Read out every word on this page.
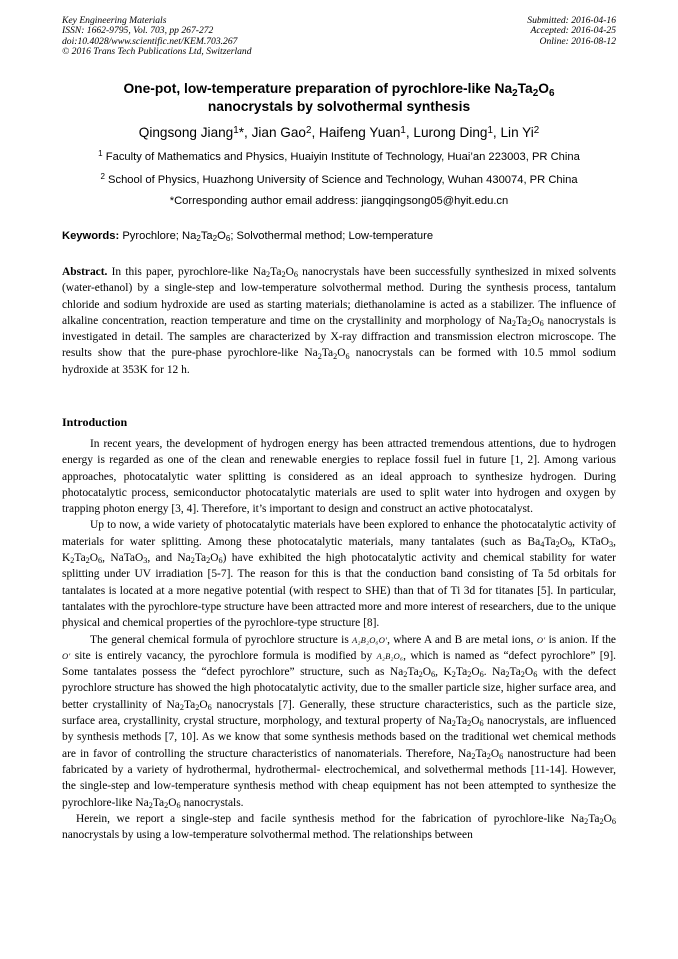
Key Engineering Materials
ISSN: 1662-9795, Vol. 703, pp 267-272
doi:10.4028/www.scientific.net/KEM.703.267
© 2016 Trans Tech Publications Ltd, Switzerland
Submitted: 2016-04-16
Accepted: 2016-04-25
Online: 2016-08-12
One-pot, low-temperature preparation of pyrochlore-like $Na_2Ta_2O_6$
nanocrystals by solvothermal synthesis
Qingsong Jiang$^1$*, Jian Gao$^2$, Haifeng Yuan$^1$, Lurong Ding$^1$, Lin Yi$^2$
$^1$ Faculty of Mathematics and Physics, Huaiyin Institute of Technology, Huai’an 223003, PR China
$^2$ School of Physics, Huazhong University of Science and Technology, Wuhan 430074, PR China
*Corresponding author email address: jiangqingsong05@hyit.edu.cn
Keywords: Pyrochlore; $Na_2Ta_2O_6$; Solvothermal method; Low-temperature
Abstract. In this paper, pyrochlore-like $Na_2Ta_2O_6$ nanocrystals have been successfully synthesized in mixed solvents (water-ethanol) by a single-step and low-temperature solvothermal method. During the synthesis process, tantalum chloride and sodium hydroxide are used as starting materials; diethanolamine is acted as a stabilizer. The influence of alkaline concentration, reaction temperature and time on the crystallinity and morphology of $Na_2Ta_2O_6$ nanocrystals is investigated in detail. The samples are characterized by X-ray diffraction and transmission electron microscope. The results show that the pure-phase pyrochlore-like $Na_2Ta_2O_6$ nanocrystals can be formed with 10.5 mmol sodium hydroxide at 353K for 12 h.
Introduction

In recent years, the development of hydrogen energy has been attracted tremendous attentions, due to hydrogen energy is regarded as one of the clean and renewable energies to replace fossil fuel in future [1, 2]. Among various approaches, photocatalytic water splitting is considered as an ideal approach to synthesize hydrogen. During photocatalytic process, semiconductor photocatalytic materials are used to split water into hydrogen and oxygen by trapping photon energy [3, 4]. Therefore, it’s important to design and construct an active photocatalyst.

Up to now, a wide variety of photocatalytic materials have been explored to enhance the photocatalytic activity of materials for water splitting. Among these photocatalytic materials, many tantalates (such as $Ba_4Ta_2O_9$, KTaO$_3$, $K_2Ta_2O_6$, NaTaO$_3$, and $Na_2Ta_2O_6$) have exhibited the high photocatalytic activity and chemical stability for water splitting under UV irradiation [5-7]. The reason for this is that the conduction band consisting of Ta 5d orbitals for tantalates is located at a more negative potential (with respect to SHE) than that of Ti 3d for titanates [5]. In particular, tantalates with the pyrochlore-type structure have been attracted more and more interest of researchers, due to the unique physical and chemical properties of the pyrochlore-type structure [8].

The general chemical formula of pyrochlore structure is A₂B₂O₆O′, where A and B are metal ions, O′ is anion. If the O′ site is entirely vacancy, the pyrochlore formula is modified by A₂B₂O₆, which is named as “defect pyrochlore” [9]. Some tantalates possess the “defect pyrochlore” structure, such as $Na_2Ta_2O_6$, $K_2Ta_2O_6$. $Na_2Ta_2O_6$ with the defect pyrochlore structure has showed the high photocatalytic activity, due to the smaller particle size, higher surface area, and better crystallinity of $Na_2Ta_2O_6$ nanocrystals [7]. Generally, these structure characteristics, such as the particle size, surface area, crystallinity, crystal structure, morphology, and textural property of $Na_2Ta_2O_6$ nanocrystals, are influenced by synthesis methods [7, 10]. As we know that some synthesis methods based on the traditional wet chemical methods are in favor of controlling the structure characteristics of nanomaterials. Therefore, $Na_2Ta_2O_6$ nanostructure had been fabricated by a variety of hydrothermal, hydrothermal- electrochemical, and solvethermal methods [11-14]. However, the single-step and low-temperature synthesis method with cheap equipment has not been attempted to synthesize the pyrochlore-like $Na_2Ta_2O_6$ nanocrystals.

Herein, we report a single-step and facile synthesis method for the fabrication of pyrochlore-like $Na_2Ta_2O_6$ nanocrystals by using a low-temperature solvothermal method. The relationships between
